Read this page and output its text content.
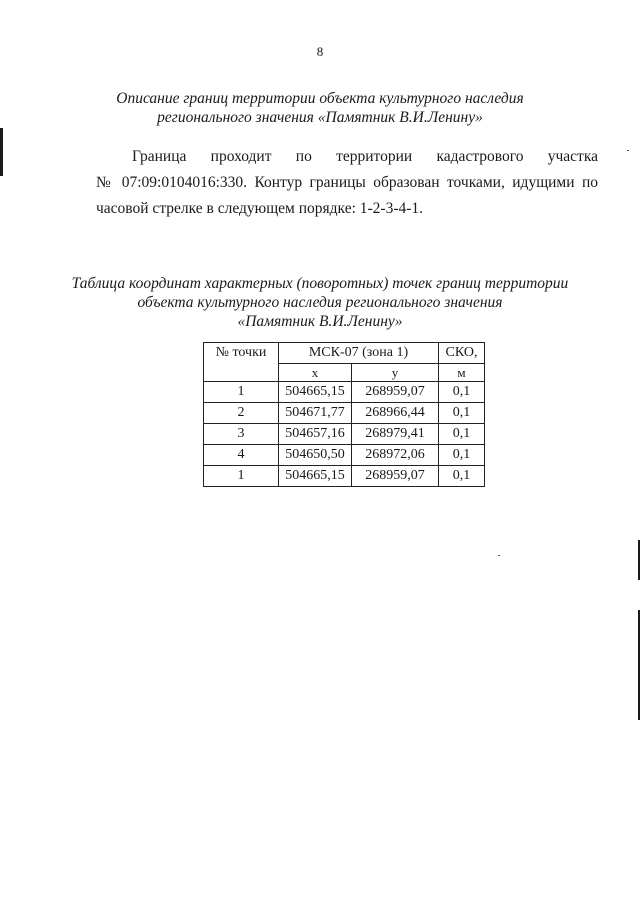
8
Описание границ территории объекта культурного наследия
регионального значения «Памятник В.И.Ленину»
Граница проходит по территории кадастрового участка
№ 07:09:0104016:330. Контур границы образован точками, идущими по
часовой стрелке в следующем порядке: 1-2-3-4-1.
Таблица координат характерных (поворотных) точек границ территории
объекта культурного наследия регионального значения
«Памятник В.И.Ленину»
№ точки	МСК-07 (зона 1)		СКО,
	x	y	м
1	504665,15	268959,07	0,1
2	504671,77	268966,44	0,1
3	504657,16	268979,41	0,1
4	504650,50	268972,06	0,1
1	504665,15	268959,07	0,1
